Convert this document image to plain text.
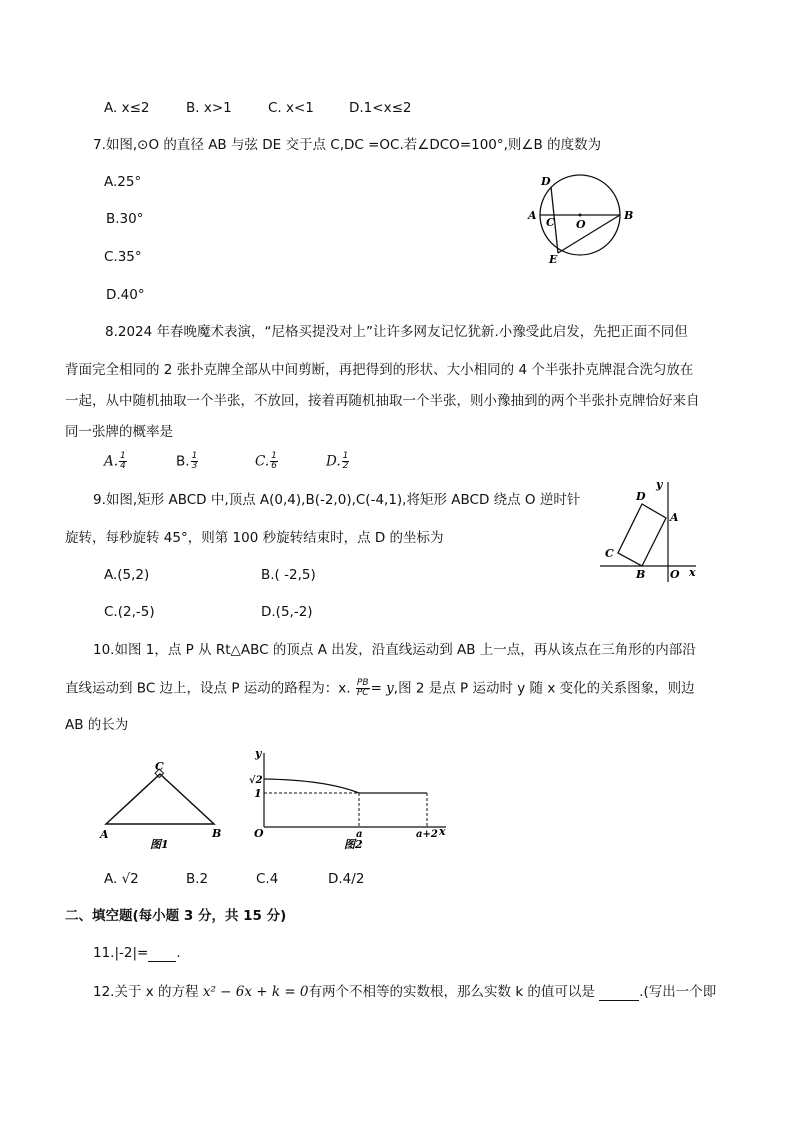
A. x≤2	B. x>1	C. x<1	D.1<x≤2
7.如图,⊙O 的直径 AB 与弦 DE 交于点 C,DC =OC.若∠DCO=100°,则∠B 的度数为
A.25°
B.30°
C.35°
D.40°
D
A
C O
B
E
8.2024 年春晚魔术表演，“尼格买提没对上”让许多网友记忆犹新.小豫受此启发，先把正面不同但
背面完全相同的 2 张扑克牌全部从中间剪断，再把得到的形状、大小相同的 4 个半张扑克牌混合洗匀放在
一起，从中随机抽取一个半张，不放回，接着再随机抽取一个半张，则小豫抽到的两个半张扑克牌恰好来自
同一张牌的概率是
A. $\frac{1}{4}$	B. $\frac{1}{3}$	C. $\frac{1}{6}$	D. $\frac{1}{2}$
9.如图,矩形 ABCD 中,顶点 A(0,4),B(-2,0),C(-4,1),将矩形 ABCD 绕点 O 逆时针
旋转，每秒旋转 45°，则第 100 秒旋转结束时，点 D 的坐标为
A.(5,2)	B.( -2,5)
C.(2,-5)	D.(5,-2)
D
y
A
C
B O x
10.如图 1，点 P 从 Rt△ABC 的顶点 A 出发，沿直线运动到 AB 上一点，再从该点在三角形的内部沿
直线运动到 BC 边上，设点 P 运动的路程为：x. $\frac{PB}{PC} = y$,图 2 是点 P 运动时 y 随 x 变化的关系图象，则边
AB 的长为
C
A	B
图1
y
√2
1
O	a	a+2 x
图2
A. √2	B.2	C.4	D.4/2
二、填空题(每小题 3 分，共 15 分)
11.|-2|= .
12.关于 x 的方程 x² − 6x + k = 0有两个不相等的实数根，那么实数 k 的值可以是	.(写出一个即
